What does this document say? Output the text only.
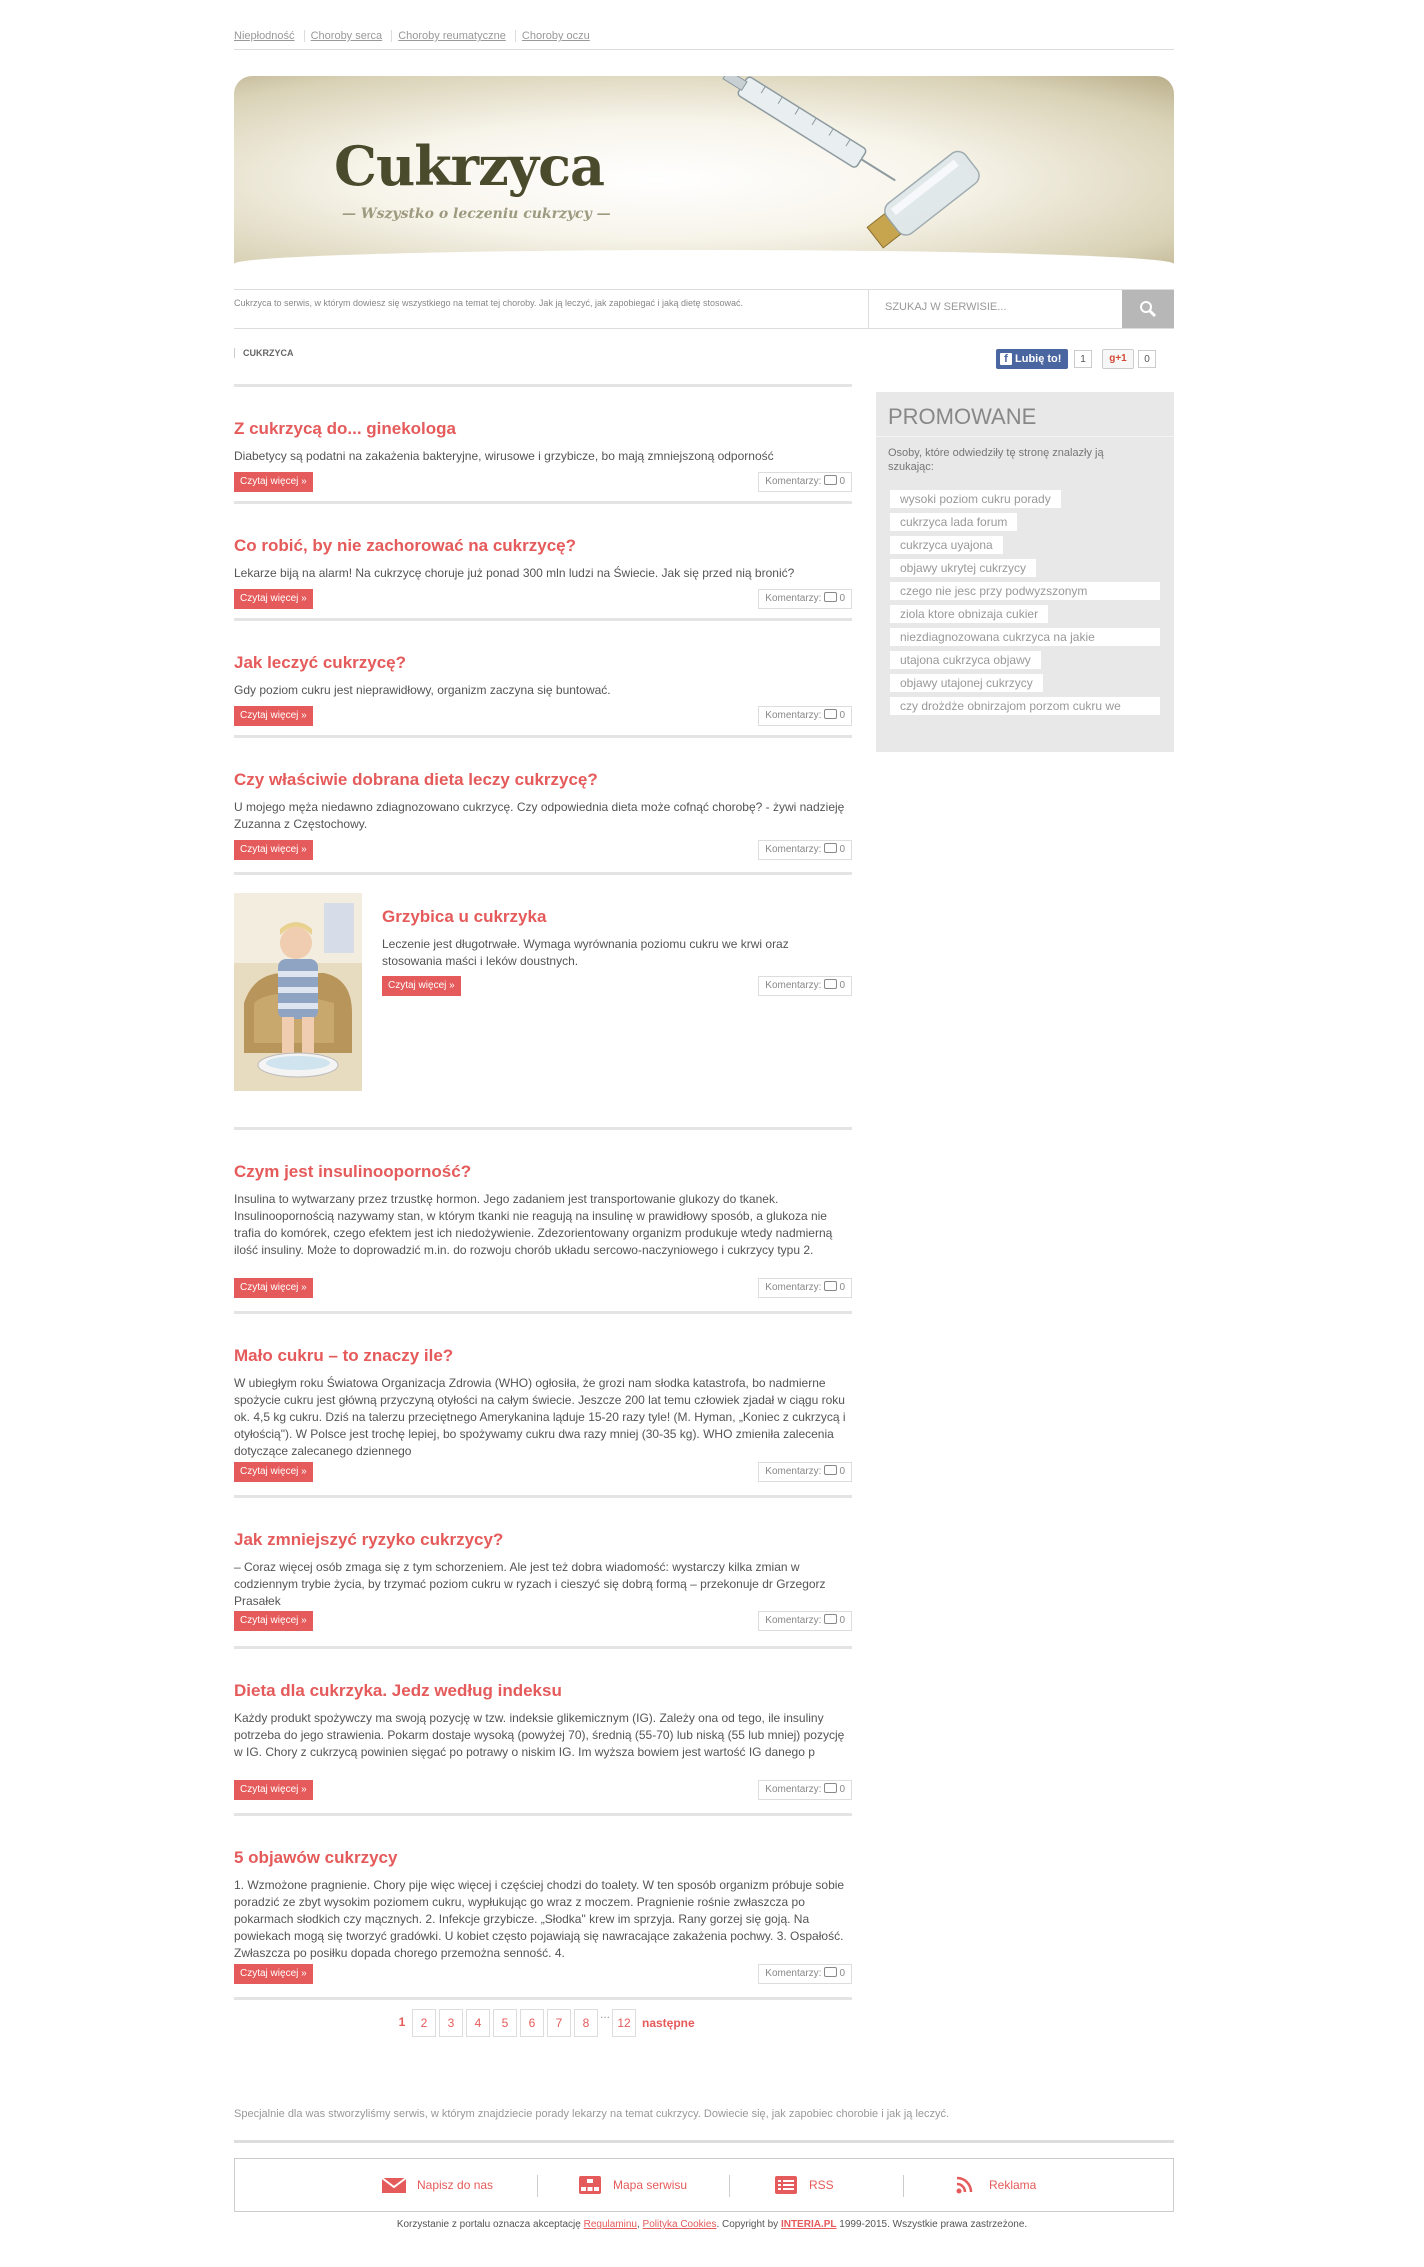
Niepłodność Choroby serca Choroby reumatyczne Choroby oczu
Cukrzyca
— Wszystko o leczeniu cukrzycy —
Cukrzyca to serwis, w którym dowiesz się wszystkiego na temat tej choroby. Jak ją leczyć, jak zapobiegać i jaką dietę stosować.	SZUKAJ W SERWISIE...
CUKRZYCA	f Lubię to!	1	g+1	0
Z cukrzycą do... ginekologa

Diabetycy są podatni na zakażenia bakteryjne, wirusowe i grzybicze, bo mają zmniejszoną odporność

Czytaj więcej »	Komentarzy: 0
Co robić, by nie zachorować na cukrzycę?

Lekarze biją na alarm! Na cukrzycę choruje już ponad 300 mln ludzi na Świecie. Jak się przed nią bronić?

Czytaj więcej »	Komentarzy: 0
Jak leczyć cukrzycę?

Gdy poziom cukru jest nieprawidłowy, organizm zaczyna się buntować.

Czytaj więcej »	Komentarzy: 0
Czy właściwie dobrana dieta leczy cukrzycę?

U mojego męża niedawno zdiagnozowano cukrzycę. Czy odpowiednia dieta może cofnąć chorobę? - żywi nadzieję Zuzanna z Częstochowy.

Czytaj więcej »	Komentarzy: 0
Grzybica u cukrzyka

Leczenie jest długotrwałe. Wymaga wyrównania poziomu cukru we krwi oraz stosowania maści i leków doustnych.

Czytaj więcej »	Komentarzy: 0
Czym jest insulinooporność?

Insulina to wytwarzany przez trzustkę hormon. Jego zadaniem jest transportowanie glukozy do tkanek. Insulinoopornością nazywamy stan, w którym tkanki nie reagują na insulinę w prawidłowy sposób, a glukoza nie trafia do komórek, czego efektem jest ich niedożywienie. Zdezorientowany organizm produkuje wtedy nadmierną ilość insuliny. Może to doprowadzić m.in. do rozwoju chorób układu sercowo-naczyniowego i cukrzycy typu 2.

Czytaj więcej »	Komentarzy: 0
Mało cukru – to znaczy ile?

W ubiegłym roku Światowa Organizacja Zdrowia (WHO) ogłosiła, że grozi nam słodka katastrofa, bo nadmierne spożycie cukru jest główną przyczyną otyłości na całym świecie. Jeszcze 200 lat temu człowiek zjadał w ciągu roku ok. 4,5 kg cukru. Dziś na talerzu przeciętnego Amerykanina ląduje 15-20 razy tyle! (M. Hyman, „Koniec z cukrzycą i otyłością"). W Polsce jest trochę lepiej, bo spożywamy cukru dwa razy mniej (30-35 kg). WHO zmieniła zalecenia dotyczące zalecanego dziennego

Czytaj więcej »	Komentarzy: 0
Jak zmniejszyć ryzyko cukrzycy?

– Coraz więcej osób zmaga się z tym schorzeniem. Ale jest też dobra wiadomość: wystarczy kilka zmian w codziennym trybie życia, by trzymać poziom cukru w ryzach i cieszyć się dobrą formą – przekonuje dr Grzegorz Prasałek

Czytaj więcej »	Komentarzy: 0
Dieta dla cukrzyka. Jedz według indeksu

Każdy produkt spożywczy ma swoją pozycję w tzw. indeksie glikemicznym (IG). Zależy ona od tego, ile insuliny potrzeba do jego strawienia. Pokarm dostaje wysoką (powyżej 70), średnią (55-70) lub niską (55 lub mniej) pozycję w IG. Chory z cukrzycą powinien sięgać po potrawy o niskim IG. Im wyższa bowiem jest wartość IG danego p

Czytaj więcej »	Komentarzy: 0
5 objawów cukrzycy

1. Wzmożone pragnienie. Chory pije więc więcej i częściej chodzi do toalety. W ten sposób organizm próbuje sobie poradzić ze zbyt wysokim poziomem cukru, wypłukując go wraz z moczem. Pragnienie rośnie zwłaszcza po pokarmach słodkich czy mącznych. 2. Infekcje grzybicze. „Słodka" krew im sprzyja. Rany gorzej się goją. Na powiekach mogą się tworzyć gradówki. U kobiet często pojawiają się nawracające zakażenia pochwy. 3. Ospałość. Zwłaszcza po posiłku dopada chorego przemożna senność. 4.

Czytaj więcej »	Komentarzy: 0
PROMOWANE
Osoby, które odwiedziły tę stronę znalazły ją szukając:
wysoki poziom cukru porady
cukrzyca lada forum
cukrzyca uyajona
objawy ukrytej cukrzycy
czego nie jesc przy podwyzszonym
ziola ktore obnizaja cukier
niezdiagnozowana cukrzyca na jakie
utajona cukrzyca objawy
objawy utajonej cukrzycy
czy drożdże obnirzajom porzom cukru we
1	2	3	4	5	6	7	8
...
12 następne
Specjalnie dla was stworzyliśmy serwis, w którym znajdziecie porady lekarzy na temat cukrzycy. Dowiecie się, jak zapobiec chorobie i jak ją leczyć.
Napisz do nas	Mapa serwisu	RSS	Reklama
Korzystanie z portalu oznacza akceptację Regulaminu, Polityka Cookies. Copyright by INTERIA.PL 1999-2015. Wszystkie prawa zastrzeżone.
